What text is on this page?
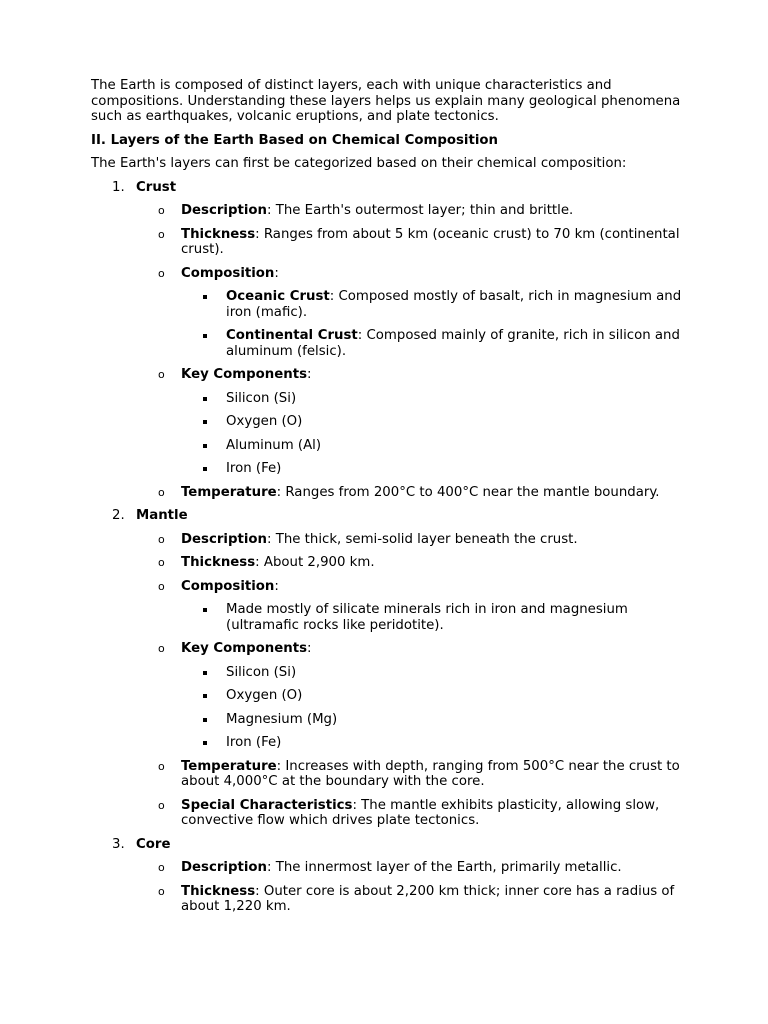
The Earth is composed of distinct layers, each with unique characteristics and compositions. Understanding these layers helps us explain many geological phenomena such as earthquakes, volcanic eruptions, and plate tectonics.

II. Layers of the Earth Based on Chemical Composition

The Earth's layers can first be categorized based on their chemical composition:

1. Crust
o Description: The Earth's outermost layer; thin and brittle.
o Thickness: Ranges from about 5 km (oceanic crust) to 70 km (continental crust).
o Composition:
Oceanic Crust: Composed mostly of basalt, rich in magnesium and iron (mafic).
Continental Crust: Composed mainly of granite, rich in silicon and aluminum (felsic).
o Key Components:
Silicon (Si)
Oxygen (O)
Aluminum (Al)
Iron (Fe)
o Temperature: Ranges from 200°C to 400°C near the mantle boundary.
2. Mantle
o Description: The thick, semi-solid layer beneath the crust.
o Thickness: About 2,900 km.
o Composition:
Made mostly of silicate minerals rich in iron and magnesium (ultramafic rocks like peridotite).
o Key Components:
Silicon (Si)
Oxygen (O)
Magnesium (Mg)
Iron (Fe)
o Temperature: Increases with depth, ranging from 500°C near the crust to about 4,000°C at the boundary with the core.
o Special Characteristics: The mantle exhibits plasticity, allowing slow, convective flow which drives plate tectonics.
3. Core
o Description: The innermost layer of the Earth, primarily metallic.
o Thickness: Outer core is about 2,200 km thick; inner core has a radius of about 1,220 km.
